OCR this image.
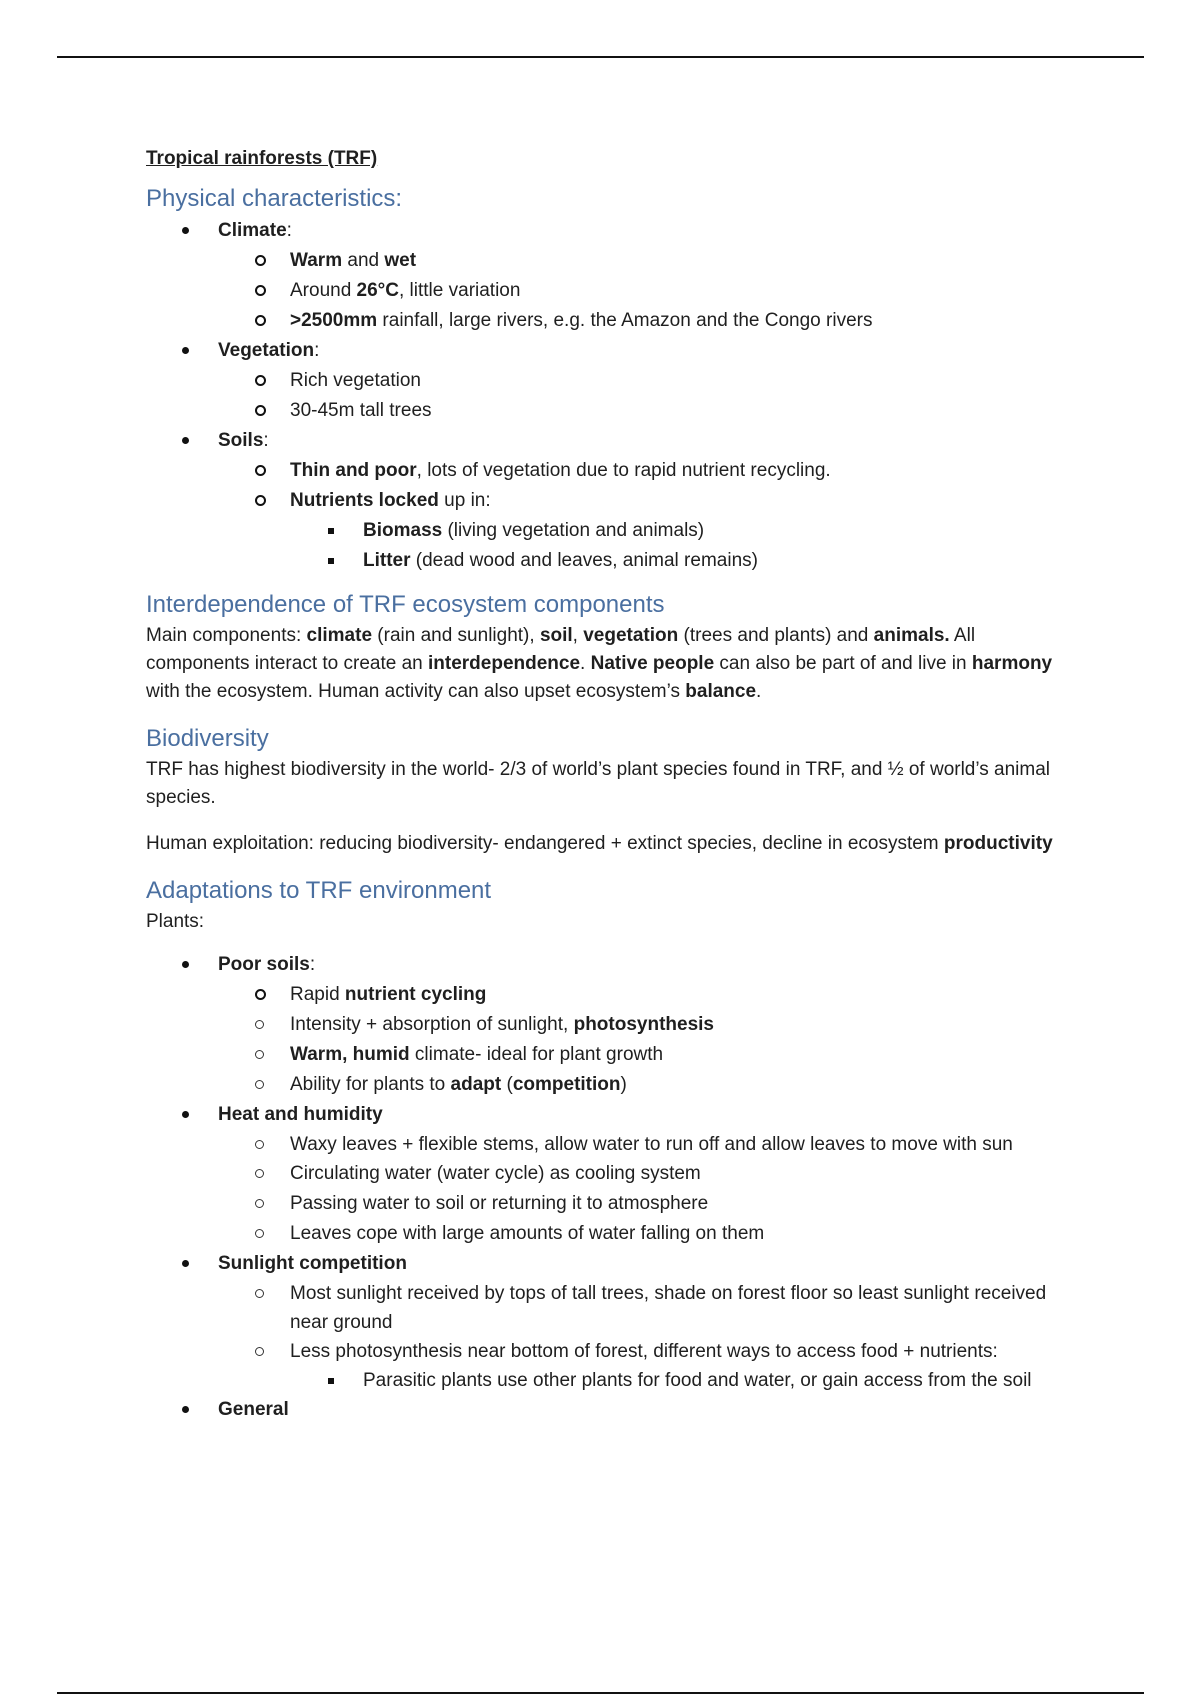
Tropical rainforests (TRF)

Physical characteristics:
Climate:
Warm and wet
Around 26°C, little variation
>2500mm rainfall, large rivers, e.g. the Amazon and the Congo rivers
Vegetation:
Rich vegetation
30-45m tall trees
Soils:
Thin and poor, lots of vegetation due to rapid nutrient recycling.
Nutrients locked up in:
Biomass (living vegetation and animals)
Litter (dead wood and leaves, animal remains)
Interdependence of TRF ecosystem components

Main components: climate (rain and sunlight), soil, vegetation (trees and plants) and animals. All components interact to create an interdependence. Native people can also be part of and live in harmony with the ecosystem. Human activity can also upset ecosystem’s balance.

Biodiversity

TRF has highest biodiversity in the world- 2/3 of world’s plant species found in TRF, and ½ of world’s animal species.

Human exploitation: reducing biodiversity- endangered + extinct species, decline in ecosystem productivity

Adaptations to TRF environment

Plants:

Poor soils:
Rapid nutrient cycling
Intensity + absorption of sunlight, photosynthesis
Warm, humid climate- ideal for plant growth
Ability for plants to adapt (competition)
Heat and humidity
Waxy leaves + flexible stems, allow water to run off and allow leaves to move with sun
Circulating water (water cycle) as cooling system
Passing water to soil or returning it to atmosphere
Leaves cope with large amounts of water falling on them
Sunlight competition
Most sunlight received by tops of tall trees, shade on forest floor so least sunlight received near ground
Less photosynthesis near bottom of forest, different ways to access food + nutrients:
Parasitic plants use other plants for food and water, or gain access from the soil
General
